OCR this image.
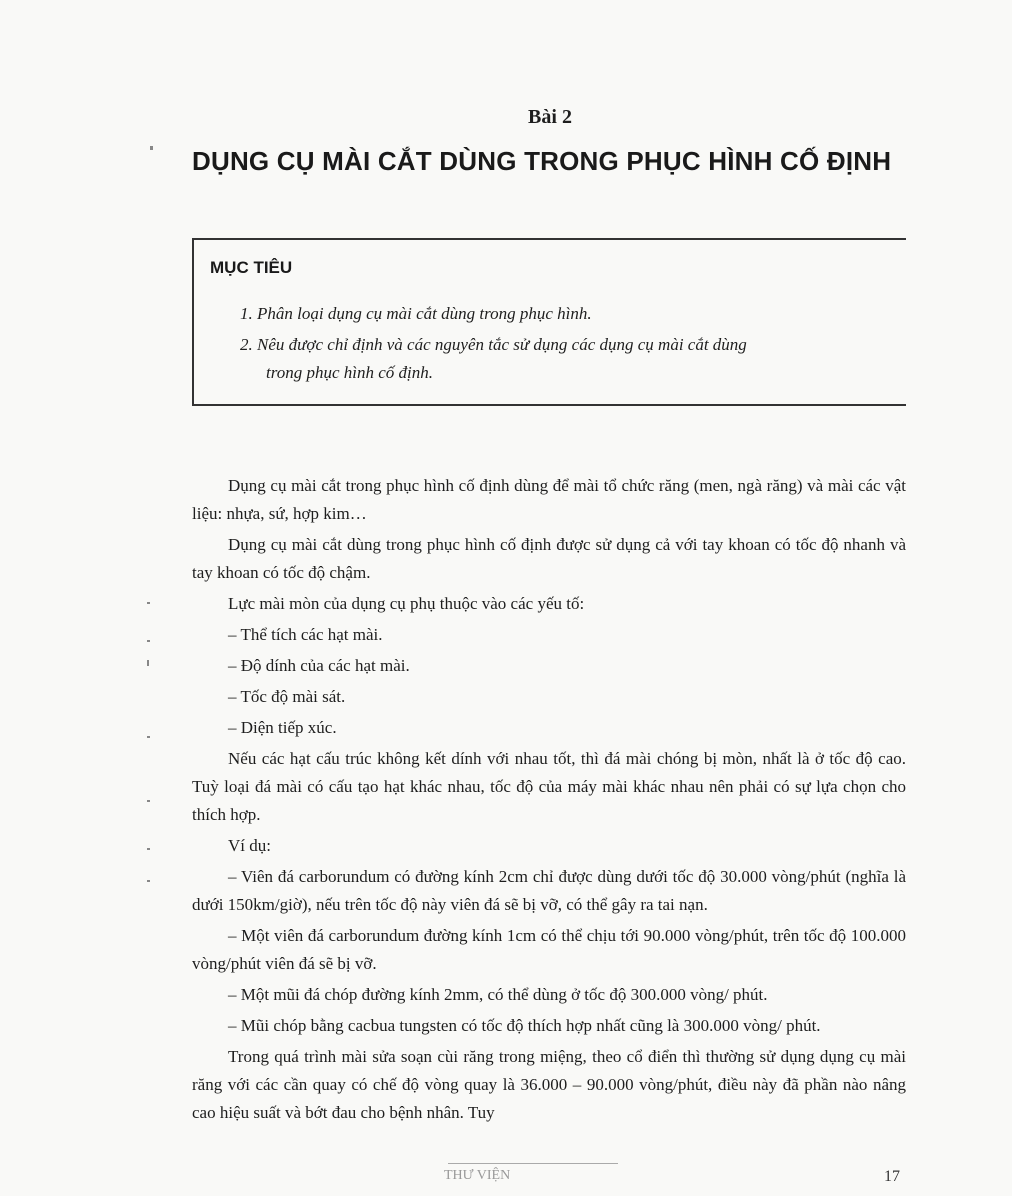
Bài 2
DỤNG CỤ MÀI CẮT DÙNG TRONG PHỤC HÌNH CỐ ĐỊNH
MỤC TIÊU
1. Phân loại dụng cụ mài cắt dùng trong phục hình.
2. Nêu được chỉ định và các nguyên tắc sử dụng các dụng cụ mài cắt dùng
trong phục hình cố định.

Dụng cụ mài cắt trong phục hình cố định dùng để mài tổ chức răng (men, ngà răng) và mài các vật liệu: nhựa, sứ, hợp kim…

Dụng cụ mài cắt dùng trong phục hình cố định được sử dụng cả với tay khoan có tốc độ nhanh và tay khoan có tốc độ chậm.

Lực mài mòn của dụng cụ phụ thuộc vào các yếu tố:

– Thể tích các hạt mài.

– Độ dính của các hạt mài.

– Tốc độ mài sát.

– Diện tiếp xúc.

Nếu các hạt cấu trúc không kết dính với nhau tốt, thì đá mài chóng bị mòn, nhất là ở tốc độ cao. Tuỳ loại đá mài có cấu tạo hạt khác nhau, tốc độ của máy mài khác nhau nên phải có sự lựa chọn cho thích hợp.

Ví dụ:

– Viên đá carborundum có đường kính 2cm chỉ được dùng dưới tốc độ 30.000 vòng/phút (nghĩa là dưới 150km/giờ), nếu trên tốc độ này viên đá sẽ bị vỡ, có thể gây ra tai nạn.

– Một viên đá carborundum đường kính 1cm có thể chịu tới 90.000 vòng/phút, trên tốc độ 100.000 vòng/phút viên đá sẽ bị vỡ.

– Một mũi đá chóp đường kính 2mm, có thể dùng ở tốc độ 300.000 vòng/ phút.

– Mũi chóp bằng cacbua tungsten có tốc độ thích hợp nhất cũng là 300.000 vòng/ phút.

Trong quá trình mài sửa soạn cùi răng trong miệng, theo cổ điển thì thường sử dụng dụng cụ mài răng với các cần quay có chế độ vòng quay là 36.000 – 90.000 vòng/phút, điều này đã phần nào nâng cao hiệu suất và bớt đau cho bệnh nhân. Tuy

THƯ VIỆN	17
